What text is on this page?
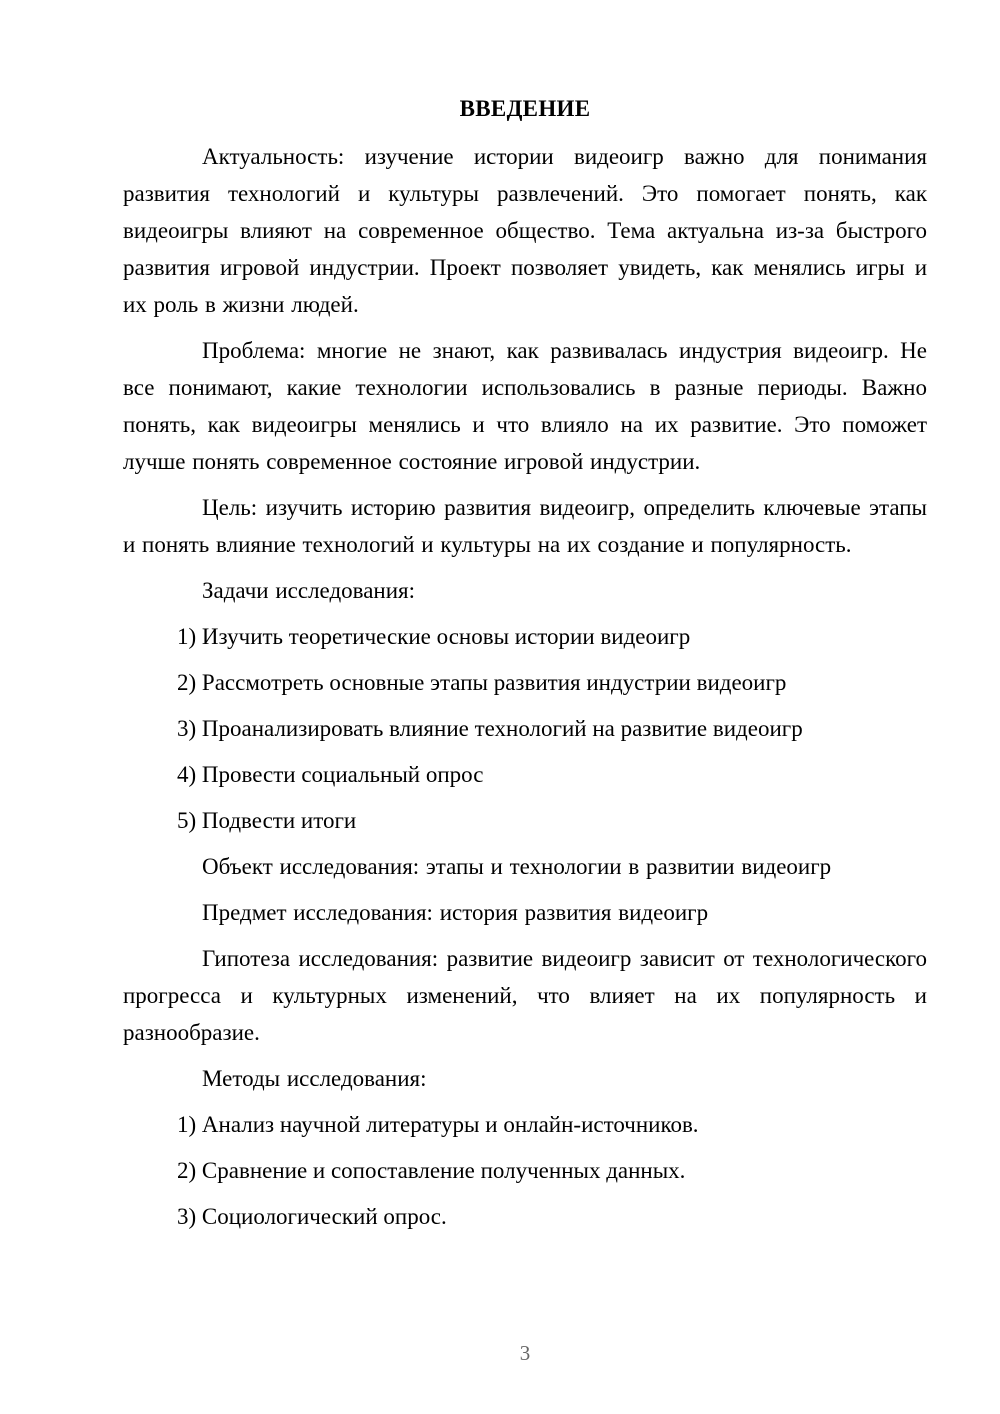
ВВЕДЕНИЕ

Актуальность: изучение истории видеоигр важно для понимания развития технологий и культуры развлечений. Это помогает понять, как видеоигры влияют на современное общество. Тема актуальна из-за быстрого развития игровой индустрии. Проект позволяет увидеть, как менялись игры и их роль в жизни людей.

Проблема: многие не знают, как развивалась индустрия видеоигр. Не все понимают, какие технологии использовались в разные периоды. Важно понять, как видеоигры менялись и что влияло на их развитие. Это поможет лучше понять современное состояние игровой индустрии.

Цель: изучить историю развития видеоигр, определить ключевые этапы и понять влияние технологий и культуры на их создание и популярность.

Задачи исследования:

1) Изучить теоретические основы истории видеоигр

2) Рассмотреть основные этапы развития индустрии видеоигр

3) Проанализировать влияние технологий на развитие видеоигр

4) Провести социальный опрос

5) Подвести итоги

Объект исследования: этапы и технологии в развитии видеоигр

Предмет исследования: история развития видеоигр

Гипотеза исследования: развитие видеоигр зависит от технологического прогресса и культурных изменений, что влияет на их популярность и разнообразие.

Методы исследования:

1) Анализ научной литературы и онлайн-источников.

2) Сравнение и сопоставление полученных данных.

3) Социологический опрос.

3
